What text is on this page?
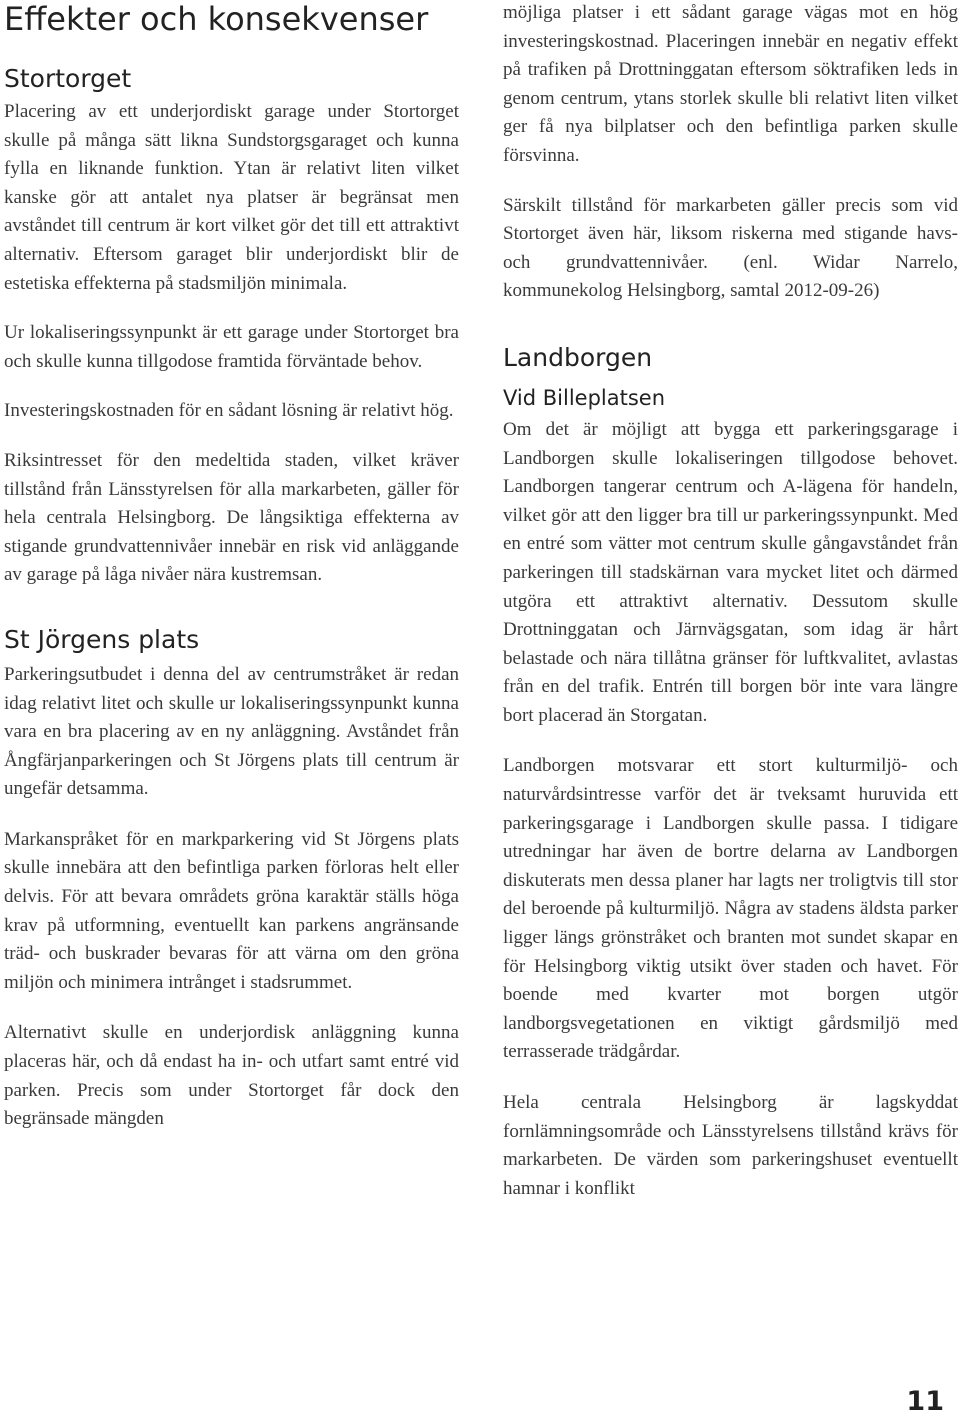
Effekter och konsekvenser
Stortorget

Placering av ett underjordiskt garage under Stortorget skulle på många sätt likna Sundstorgsgaraget och kunna fylla en liknande funktion. Ytan är relativt liten vilket kanske gör att antalet nya platser är begränsat men avståndet till centrum är kort vilket gör det till ett attraktivt alternativ. Eftersom garaget blir underjordiskt blir de estetiska effekterna på stadsmiljön minimala.

Ur lokaliseringssynpunkt är ett garage under Stortorget bra och skulle kunna tillgodose framtida förväntade behov.

Investeringskostnaden för en sådant lösning är relativt hög.

Riksintresset för den medeltida staden, vilket kräver tillstånd från Länsstyrelsen för alla markarbeten, gäller för hela centrala Helsingborg. De långsiktiga effekterna av stigande grundvattennivåer innebär en risk vid anläggande av garage på låga nivåer nära kustremsan.

St Jörgens plats

Parkeringsutbudet i denna del av centrumstråket är redan idag relativt litet och skulle ur lokaliseringssynpunkt kunna vara en bra placering av en ny anläggning. Avståndet från Ångfärjanparkeringen och St Jörgens plats till centrum är ungefär detsamma.

Markanspråket för en markparkering vid St Jörgens plats skulle innebära att den befintliga parken förloras helt eller delvis. För att bevara områdets gröna karaktär ställs höga krav på utformning, eventuellt kan parkens angränsande träd- och buskrader bevaras för att värna om den gröna miljön och minimera intrånget i stadsrummet.

Alternativt skulle en underjordisk anläggning kunna placeras här, och då endast ha in- och utfart samt entré vid parken. Precis som under Stortorget får dock den begränsade mängden

möjliga platser i ett sådant garage vägas mot en hög investeringskostnad. Placeringen innebär en negativ effekt på trafiken på Drottninggatan eftersom söktrafiken leds in genom centrum, ytans storlek skulle bli relativt liten vilket ger få nya bilplatser och den befintliga parken skulle försvinna.

Särskilt tillstånd för markarbeten gäller precis som vid Stortorget även här, liksom riskerna med stigande havs- och grundvattennivåer. (enl. Widar Narrelo, kommunekolog Helsingborg, samtal 2012-09-26)

Landborgen
Vid Billeplatsen

Om det är möjligt att bygga ett parkeringsgarage i Landborgen skulle lokaliseringen tillgodose behovet. Landborgen tangerar centrum och A-lägena för handeln, vilket gör att den ligger bra till ur parkeringssynpunkt. Med en entré som vätter mot centrum skulle gångavståndet från parkeringen till stadskärnan vara mycket litet och därmed utgöra ett attraktivt alternativ. Dessutom skulle Drottninggatan och Järnvägsgatan, som idag är hårt belastade och nära tillåtna gränser för luftkvalitet, avlastas från en del trafik. Entrén till borgen bör inte vara längre bort placerad än Storgatan.

Landborgen motsvarar ett stort kulturmiljö- och naturvårdsintresse varför det är tveksamt huruvida ett parkeringsgarage i Landborgen skulle passa. I tidigare utredningar har även de bortre delarna av Landborgen diskuterats men dessa planer har lagts ner troligtvis till stor del beroende på kulturmiljö. Några av stadens äldsta parker ligger längs grönstråket och branten mot sundet skapar en för Helsingborg viktig utsikt över staden och havet. För boende med kvarter mot borgen utgör landborgsvegetationen en viktigt gårdsmiljö med terrasserade trädgårdar.

Hela centrala Helsingborg är lagskyddat fornlämningsområde och Länsstyrelsens tillstånd krävs för markarbeten. De värden som parkeringshuset eventuellt hamnar i konflikt

11
